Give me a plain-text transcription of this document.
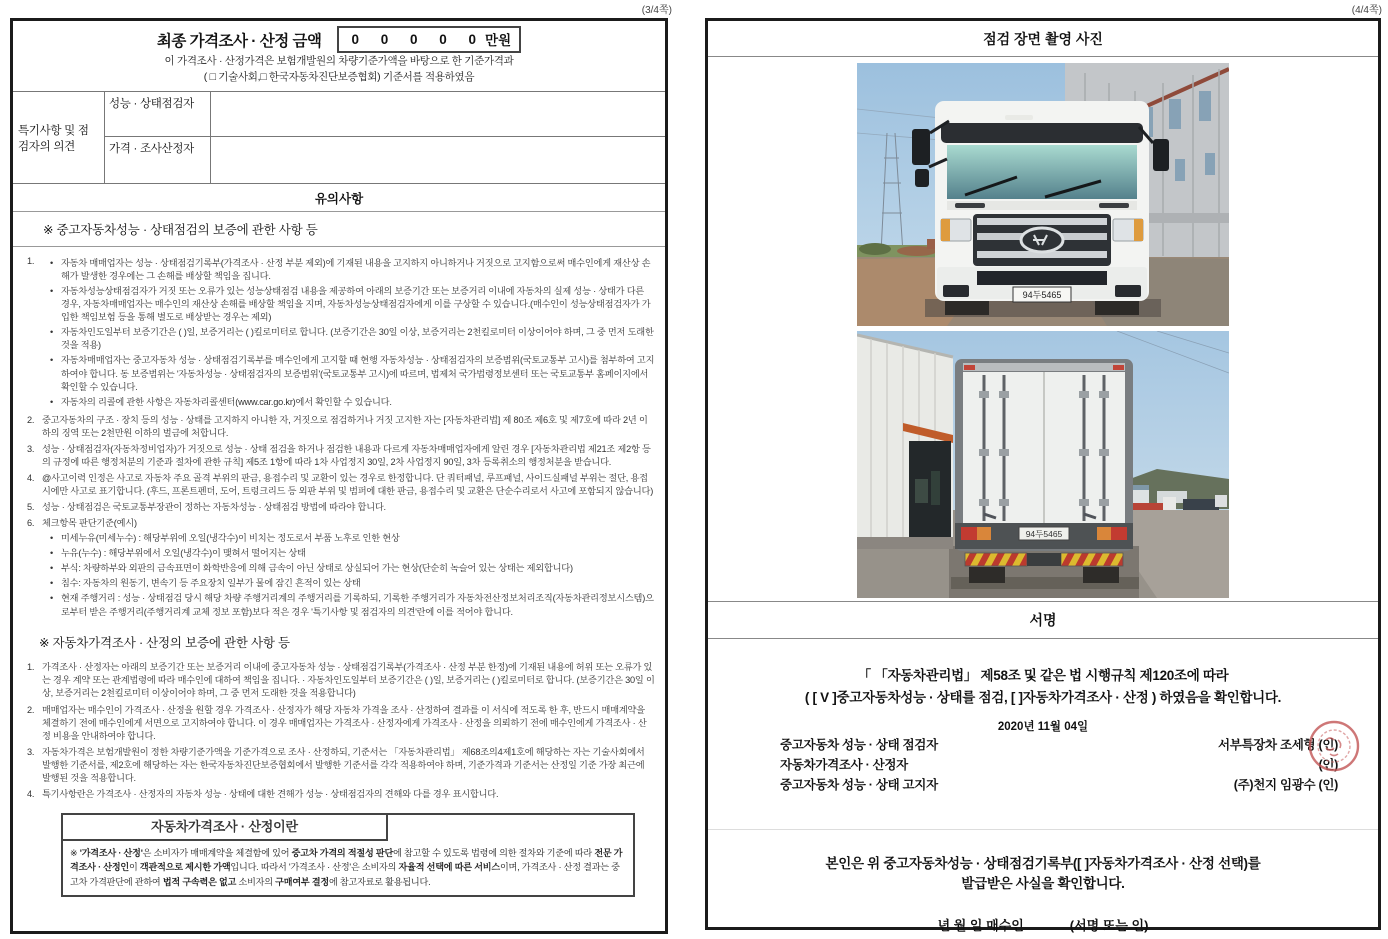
(3/4쪽)	(4/4쪽)
최종 가격조사 · 산정 금액 0 0 0 0 0 만원
이 가격조사 · 산정가격은 보험개발원의 차량기준가액을 바탕으로 한 기준가격과
( □ 기술사회,□ 한국자동차진단보증협회) 기준서를 적용하였음
특기사항 및 점검자의 의견
성능 · 상태점검자
가격 · 조사산정자
유의사항
※ 중고자동차성능 · 상태점검의 보증에 관한 사항 등
1.	• 자동차 매매업자는 성능 · 상태점검기록부(가격조사 · 산정 부분 제외)에 기재된 내용을 고지하지 아니하거나 거짓으로 고지함으로써 매수인에게 재산상 손해가 발생한 경우에는 그 손해를 배상할 책임을 집니다.
• 자동차성능상태점검자가 거짓 또는 오류가 있는 성능상태점검 내용을 제공하여 아래의 보증기간 또는 보증거리 이내에 자동차의 실제 성능 · 상태가 다른 경우, 자동차매매업자는 매수인의 재산상 손해를 배상할 책임을 지며, 자동차성능상태점검자에게 이를 구상할 수 있습니다.(매수인이 성능상태점검자가 가입한 책임보험 등을 통해 별도로 배상받는 경우는 제외)
• 자동차인도일부터 보증기간은 ( )일, 보증거리는 ( )킬로미터로 합니다. (보증기간은 30일 이상, 보증거리는 2천킬로미터 이상이어야 하며, 그 중 먼저 도래한 것을 적용)
• 자동차매매업자는 중고자동차 성능 · 상태점검기록부를 매수인에게 고지할 때 현행 자동차성능 · 상태점검자의 보증범위(국토교통부 고시)를 첨부하여 고지하여야 합니다. 동 보증범위는 '자동차성능 · 상태점검자의 보증범위'(국토교통부 고시)에 따르며, 법제처 국가법령정보센터 또는 국토교통부 홈페이지에서 확인할 수 있습니다.
• 자동차의 리콜에 관한 사항은 자동차리콜센터(www.car.go.kr)에서 확인할 수 있습니다.
2. 중고자동차의 구조 · 장치 등의 성능 · 상태를 고지하지 아니한 자, 거짓으로 점검하거나 거짓 고지한 자는 [자동차관리법] 제 80조 제6호 및 제7호에 따라 2년 이하의 징역 또는 2천만원 이하의 벌금에 처합니다.
3. 성능 · 상태점검자(자동차정비업자)가 거짓으로 성능 · 상태 점검을 하거나 점검한 내용과 다르게 자동차매매업자에게 알린 경우 [자동차관리법 제21조 제2항 등의 규정에 따른 행정처분의 기준과 절차에 관한 규칙] 제5조 1항에 따라 1차 사업정지 30일, 2차 사업정지 90일, 3차 등록취소의 행정처분을 받습니다.
4. @사고이력 인정은 사고로 자동차 주요 골격 부위의 판금, 용접수리 및 교환이 있는 경우로 한정합니다. 단 쿼터패널, 루프패널, 사이드실패널 부위는 절단, 용접 시에만 사고로 표기합니다. (후드, 프론트펜더, 도어, 트렁크리드 등 외판 부위 및 범퍼에 대한 판금, 용접수리 및 교환은 단순수리로서 사고에 포함되지 않습니다)
5. 성능 · 상태점검은 국토교통부장관이 정하는 자동차성능 · 상태점검 방법에 따라야 합니다.
6. 체크항목 판단기준(예시)
• 미세누유(미세누수) : 해당부위에 오일(냉각수)이 비치는 정도로서 부품 노후로 인한 현상
• 누유(누수) : 해당부위에서 오일(냉각수)이 맺혀서 떨어지는 상태
• 부식: 차량하부와 외판의 금속표면이 화학반응에 의해 금속이 아닌 상태로 상실되어 가는 현상(단순히 녹슬어 있는 상태는 제외합니다)
• 침수: 자동차의 원동기, 변속기 등 주요장치 일부가 물에 잠긴 흔적이 있는 상태
• 현재 주행거리 : 성능 · 상태점검 당시 해당 차량 주행거리계의 주행거리를 기록하되, 기록한 주행거리가 자동차전산정보처리조직(자동차관리정보시스템)으로부터 받은 주행거리(주행거리계 교체 정보 포함)보다 적은 경우 '특기사항 및 점검자의 의견'란에 이를 적어야 합니다.
※ 자동차가격조사 · 산정의 보증에 관한 사항 등
1. 가격조사 · 산정자는 아래의 보증기간 또는 보증거리 이내에 중고자동차 성능 · 상태점검기록부(가격조사 · 산정 부분 한정)에 기재된 내용에 허위 또는 오류가 있는 경우 계약 또는 관계법령에 따라 매수인에 대하여 책임을 집니다. · 자동차인도일부터 보증기간은 ( )일, 보증거리는 ( )킬로미터로 합니다. (보증기간은 30일 이상, 보증거리는 2천킬로미터 이상이어야 하며, 그 중 먼저 도래한 것을 적용합니다)
2. 매매업자는 매수인이 가격조사 · 산정을 원할 경우 가격조사 · 산정자가 해당 자동차 가격을 조사 · 산정하여 결과를 이 서식에 적도록 한 후, 반드시 매매계약을 체결하기 전에 매수인에게 서면으로 고지하여야 합니다. 이 경우 매매업자는 가격조사 · 산정자에게 가격조사 · 산정을 의뢰하기 전에 매수인에게 가격조사 · 산정 비용을 안내하여야 합니다.
3. 자동차가격은 보험개발원이 정한 차량기준가액을 기준가격으로 조사 · 산정하되, 기준서는 「자동차관리법」 제68조의4제1호에 해당하는 자는 기술사회에서 발행한 기준서를, 제2호에 해당하는 자는 한국자동차진단보증협회에서 발행한 기준서를 각각 적용하여야 하며, 기준가격과 기준서는 산정일 기준 가장 최근에 발행된 것을 적용합니다.
4. 특기사항란은 가격조사 · 산정자의 자동차 성능 · 상태에 대한 견해가 성능 · 상태점검자의 견해와 다를 경우 표시합니다.
자동차가격조사 · 산정이란
※ '가격조사 · 산정'은 소비자가 매매계약을 체결함에 있어 중고차 가격의 적절성 판단에 참고할 수 있도록 법령에 의한 절차와 기준에 따라 전문 가격조사 · 산정인이 객관적으로 제시한 가액입니다. 따라서 '가격조사 · 산정'은 소비자의 자율적 선택에 따른 서비스이며, 가격조사 · 산정 결과는 중고차 가격판단에 관하여 법적 구속력은 없고 소비자의 구매여부 결정에 참고자료로 활용됩니다.
점검 장면 촬영 사진
94두5465
94두5465
서명
「 「자동차관리법」 제58조 및 같은 법 시행규칙 제120조에 따라
( [ V ]중고자동차성능 · 상태를 점검, [ ]자동차가격조사 · 산정 ) 하였음을 확인합니다.
2020년 11월 04일
중고자동차 성능 · 상태 점검자	서부특장차 조세형 (인)
자동차가격조사 · 산정자	(인)
중고자동차 성능 · 상태 고지자	(주)천지 임광수 (인)
본인은 위 중고자동차성능 · 상태점검기록부([ ]자동차가격조사 · 산정 선택)를
발급받은 사실을 확인합니다.
년 월 일 매수인	(서명 또는 인)
